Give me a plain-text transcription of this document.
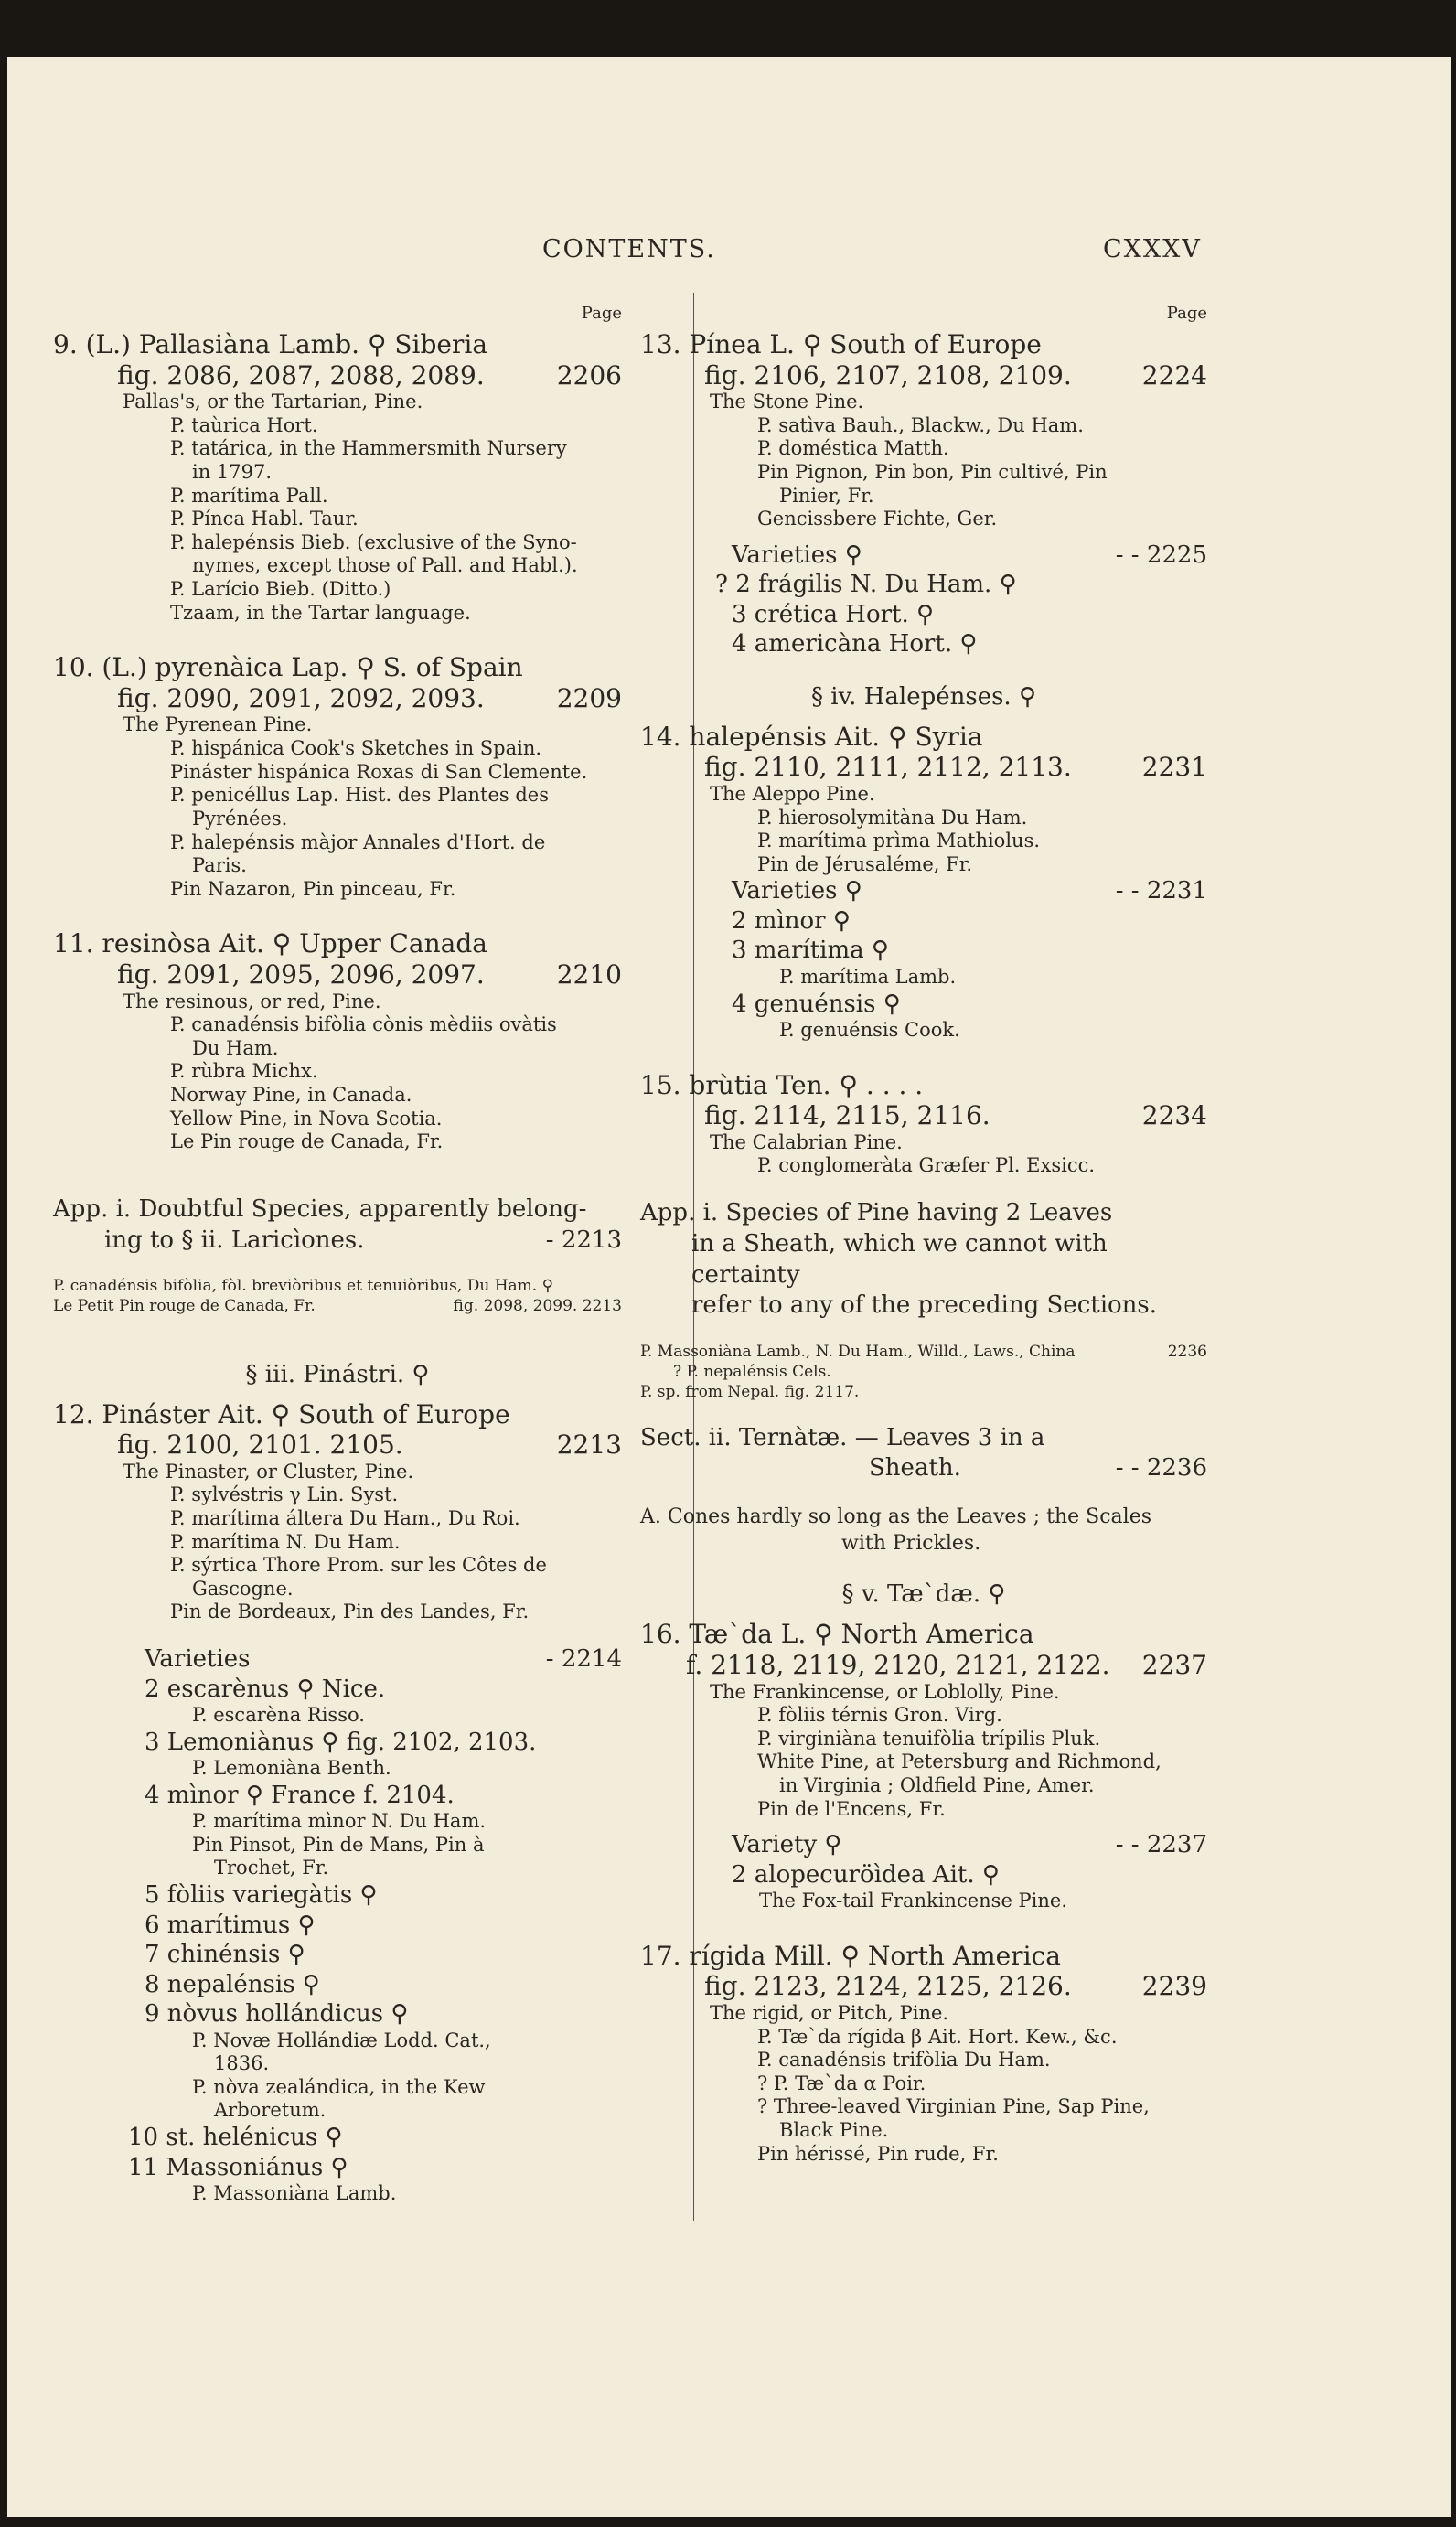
CONTENTS.	CXXXV
Page
9. (L.) Pallasiàna Lamb. ⚲ Siberia
fig. 2086, 2087, 2088, 2089.	2206
Pallas's, or the Tartarian, Pine.
P. taùrica Hort.
P. tatárica, in the Hammersmith Nursery
in 1797.
P. marítima Pall.
P. Pínca Habl. Taur.
P. halepénsis Bieb. (exclusive of the Syno-
nymes, except those of Pall. and Habl.).
P. Larício Bieb. (Ditto.)
Tzaam, in the Tartar language.
10. (L.) pyrenàica Lap. ⚲ S. of Spain
fig. 2090, 2091, 2092, 2093.	2209
The Pyrenean Pine.
P. hispánica Cook's Sketches in Spain.
Pináster hispánica Roxas di San Clemente.
P. penicéllus Lap. Hist. des Plantes des
Pyrénées.
P. halepénsis màjor Annales d'Hort. de
Paris.
Pin Nazaron, Pin pinceau, Fr.
11. resinòsa Ait. ⚲ Upper Canada
fig. 2091, 2095, 2096, 2097.	2210
The resinous, or red, Pine.
P. canadénsis bifòlia cònis mèdiis ovàtis
Du Ham.
P. rùbra Michx.
Norway Pine, in Canada.
Yellow Pine, in Nova Scotia.
Le Pin rouge de Canada, Fr.
App. i. Doubtful Species, apparently belong-
ing to § ii. Laricìones.	- 2213
P. canadénsis bifòlia, fòl. breviòribus et tenuiòribus, Du Ham. ⚲
Le Petit Pin rouge de Canada, Fr.	fig. 2098, 2099. 2213
§ iii. Pinástri. ⚲
12. Pináster Ait. ⚲ South of Europe
fig. 2100, 2101. 2105.	2213
The Pinaster, or Cluster, Pine.
P. sylvéstris γ Lin. Syst.
P. marítima áltera Du Ham., Du Roi.
P. marítima N. Du Ham.
P. sýrtica Thore Prom. sur les Côtes de
Gascogne.
Pin de Bordeaux, Pin des Landes, Fr.
Varieties	- 2214
2 escarènus ⚲ Nice.
P. escarèna Risso.
3 Lemoniànus ⚲ fig. 2102, 2103.
P. Lemoniàna Benth.
4 mìnor ⚲ France f. 2104.
P. marítima mìnor N. Du Ham.
Pin Pinsot, Pin de Mans, Pin à
Trochet, Fr.
5 fòliis variegàtis ⚲
6 marítimus ⚲
7 chinénsis ⚲
8 nepalénsis ⚲
9 nòvus hollándicus ⚲
P. Novæ Hollándiæ Lodd. Cat.,
1836.
P. nòva zealándica, in the Kew
Arboretum.
10 st. helénicus ⚲
11 Massoniánus ⚲
P. Massoniàna Lamb.
Page
13. Pínea L. ⚲ South of Europe
fig. 2106, 2107, 2108, 2109.	2224
The Stone Pine.
P. satìva Bauh., Blackw., Du Ham.
P. doméstica Matth.
Pin Pignon, Pin bon, Pin cultivé, Pin
Pinier, Fr.
Gencissbere Fichte, Ger.
Varieties ⚲	- - 2225
? 2 frágilis N. Du Ham. ⚲
3 crética Hort. ⚲
4 americàna Hort. ⚲
§ iv. Halepénses. ⚲
14. halepénsis Ait. ⚲ Syria
fig. 2110, 2111, 2112, 2113.	2231
The Aleppo Pine.
P. hierosolymitàna Du Ham.
P. marítima prìma Mathiolus.
Pin de Jérusaléme, Fr.
Varieties ⚲	- - 2231
2 mìnor ⚲
3 marítima ⚲
P. marítima Lamb.
4 genuénsis ⚲
P. genuénsis Cook.
15. brùtia Ten. ⚲ . . . .
fig. 2114, 2115, 2116.	2234
The Calabrian Pine.
P. conglomeràta Græfer Pl. Exsicc.
App. i. Species of Pine having 2 Leaves
in a Sheath, which we cannot with certainty
refer to any of the preceding Sections.
P. Massoniàna Lamb., N. Du Ham., Willd., Laws., China	2236
? P. nepalénsis Cels.
P. sp. from Nepal. fig. 2117.
Sect. ii. Ternàtæ. — Leaves 3 in a
Sheath.	- - 2236
A. Cones hardly so long as the Leaves ; the Scales
with Prickles.
§ v. Tæ`dæ. ⚲
16. Tæ`da L. ⚲ North America
f. 2118, 2119, 2120, 2121, 2122. 2237
The Frankincense, or Loblolly, Pine.
P. fòliis térnis Gron. Virg.
P. virginiàna tenuifòlia trípilis Pluk.
White Pine, at Petersburg and Richmond,
in Virginia ; Oldfield Pine, Amer.
Pin de l'Encens, Fr.
Variety ⚲	- - 2237
2 alopecuröìdea Ait. ⚲
The Fox-tail Frankincense Pine.
17. rígida Mill. ⚲ North America
fig. 2123, 2124, 2125, 2126.	2239
The rigid, or Pitch, Pine.
P. Tæ`da rígida β Ait. Hort. Kew., &c.
P. canadénsis trifòlia Du Ham.
? P. Tæ`da α Poir.
? Three-leaved Virginian Pine, Sap Pine,
Black Pine.
Pin hérissé, Pin rude, Fr.
